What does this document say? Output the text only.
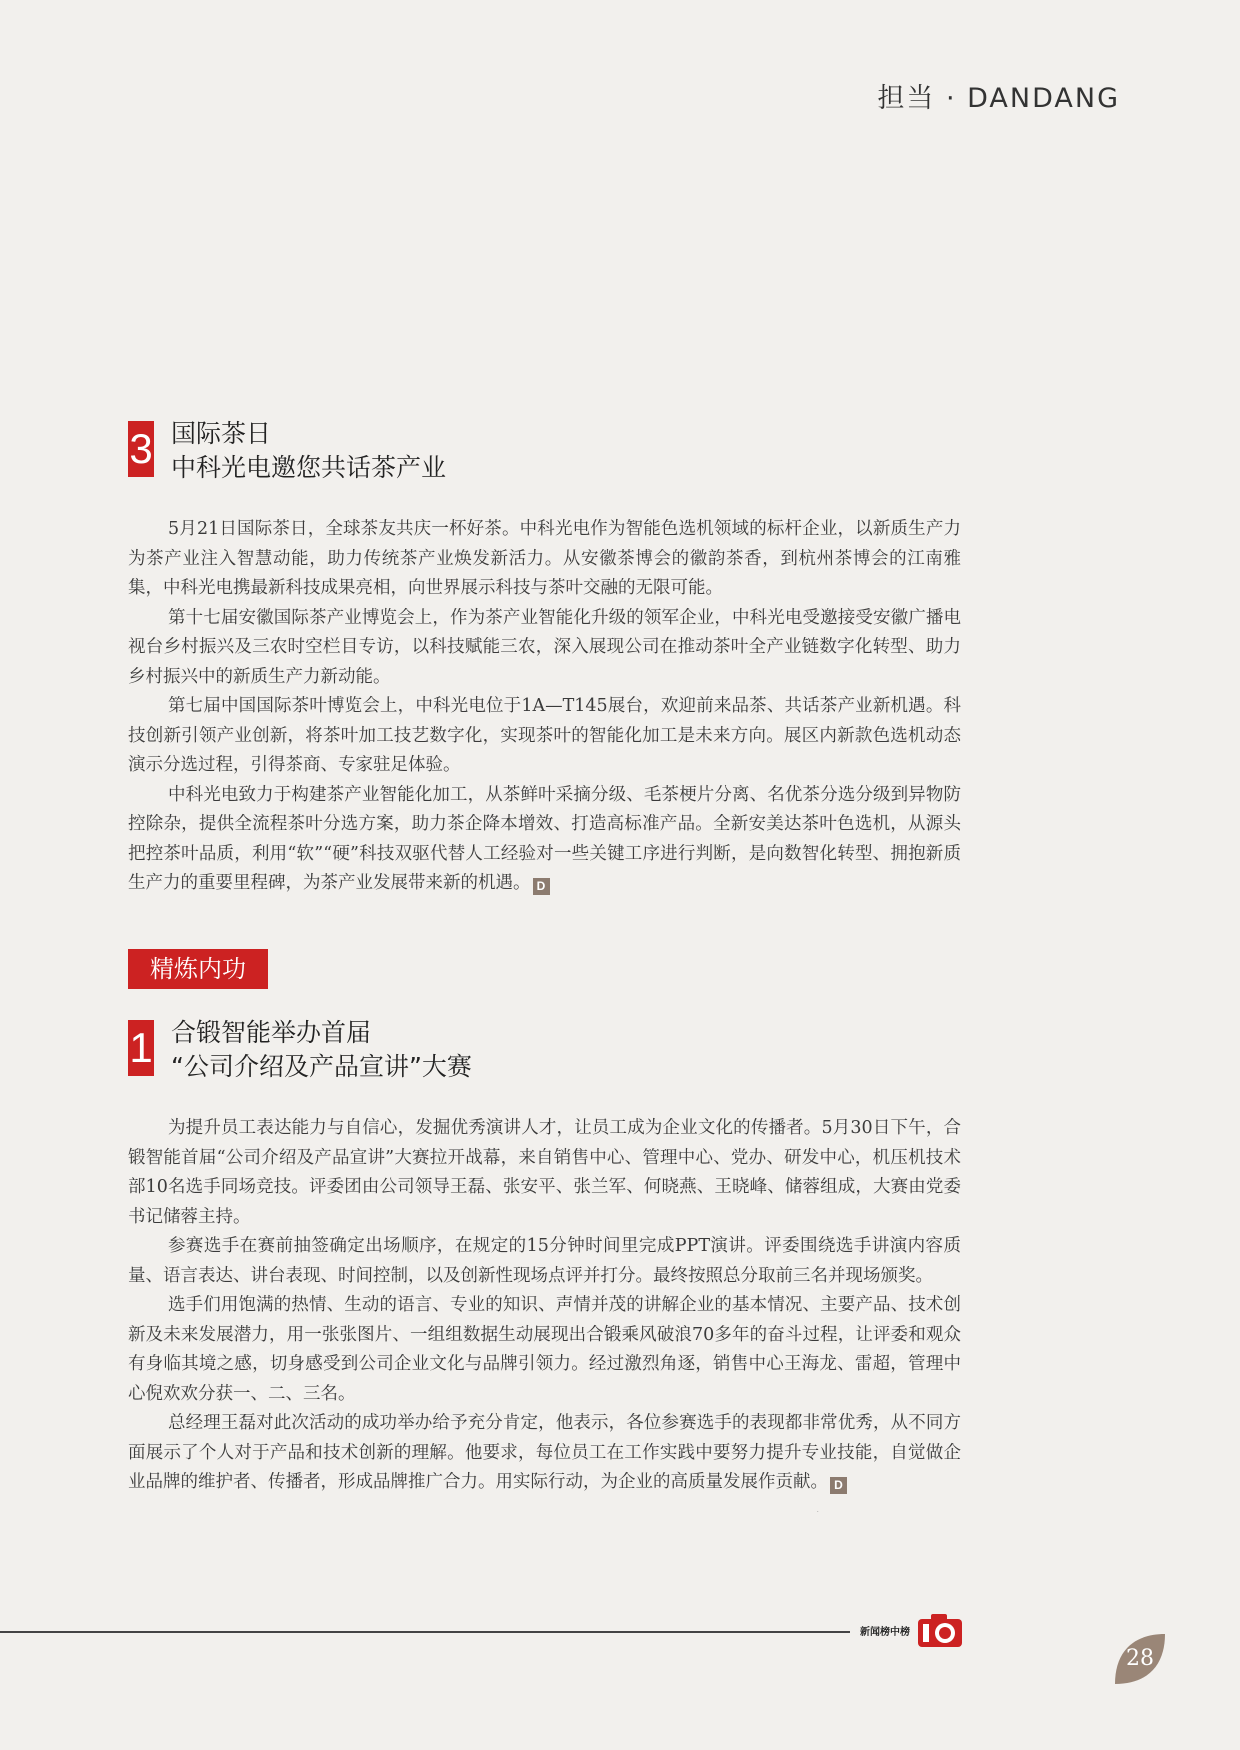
担当 · DANDANG
3 国际茶日
中科光电邀您共话茶产业

5月21日国际茶日，全球茶友共庆一杯好茶。中科光电作为智能色选机领域的标杆企业，以新质生产力为茶产业注入智慧动能，助力传统茶产业焕发新活力。从安徽茶博会的徽韵茶香，到杭州茶博会的江南雅集，中科光电携最新科技成果亮相，向世界展示科技与茶叶交融的无限可能。

第十七届安徽国际茶产业博览会上，作为茶产业智能化升级的领军企业，中科光电受邀接受安徽广播电视台乡村振兴及三农时空栏目专访，以科技赋能三农，深入展现公司在推动茶叶全产业链数字化转型、助力乡村振兴中的新质生产力新动能。

第七届中国国际茶叶博览会上，中科光电位于1A—T145展台，欢迎前来品茶、共话茶产业新机遇。科技创新引领产业创新，将茶叶加工技艺数字化，实现茶叶的智能化加工是未来方向。展区内新款色选机动态演示分选过程，引得茶商、专家驻足体验。

中科光电致力于构建茶产业智能化加工，从茶鲜叶采摘分级、毛茶梗片分离、名优茶分选分级到异物防控除杂，提供全流程茶叶分选方案，助力茶企降本增效、打造高标准产品。全新安美达茶叶色选机，从源头把控茶叶品质，利用“软”“硬”科技双驱代替人工经验对一些关键工序进行判断，是向数智化转型、拥抱新质生产力的重要里程碑，为茶产业发展带来新的机遇。 D

精炼内功
1 合锻智能举办首届
“公司介绍及产品宣讲”大赛

为提升员工表达能力与自信心，发掘优秀演讲人才，让员工成为企业文化的传播者。5月30日下午，合锻智能首届“公司介绍及产品宣讲”大赛拉开战幕，来自销售中心、管理中心、党办、研发中心，机压机技术部10名选手同场竞技。评委团由公司领导王磊、张安平、张兰军、何晓燕、王晓峰、储蓉组成，大赛由党委书记储蓉主持。

参赛选手在赛前抽签确定出场顺序，在规定的15分钟时间里完成PPT演讲。评委围绕选手讲演内容质量、语言表达、讲台表现、时间控制，以及创新性现场点评并打分。最终按照总分取前三名并现场颁奖。

选手们用饱满的热情、生动的语言、专业的知识、声情并茂的讲解企业的基本情况、主要产品、技术创新及未来发展潜力，用一张张图片、一组组数据生动展现出合锻乘风破浪70多年的奋斗过程，让评委和观众有身临其境之感，切身感受到公司企业文化与品牌引领力。经过激烈角逐，销售中心王海龙、雷超，管理中心倪欢欢分获一、二、三名。

总经理王磊对此次活动的成功举办给予充分肯定，他表示，各位参赛选手的表现都非常优秀，从不同方面展示了个人对于产品和技术创新的理解。他要求，每位员工在工作实践中要努力提升专业技能，自觉做企业品牌的维护者、传播者，形成品牌推广合力。用实际行动，为企业的高质量发展作贡献。 D

新闻榜中榜
10
28
